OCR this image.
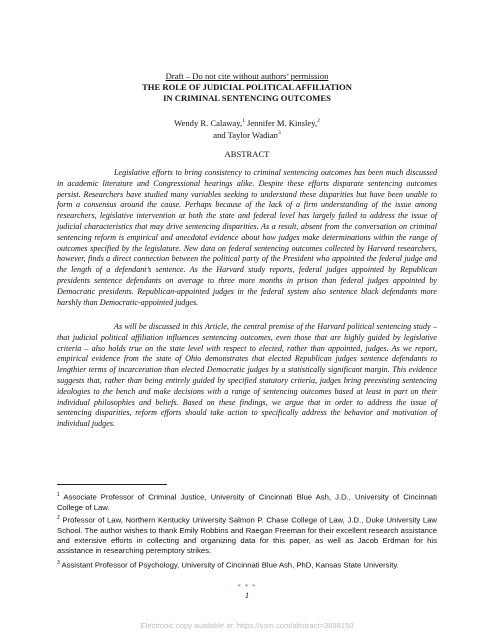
Draft – Do not cite without authors’ permission
THE ROLE OF JUDICIAL POLITICAL AFFILIATION
IN CRIMINAL SENTENCING OUTCOMES
Wendy R. Calaway,$^1$ Jennifer M. Kinsley,$^2$
and Taylor Wadian$^3$
ABSTRACT
Legislative efforts to bring consistency to criminal sentencing outcomes has been much discussed in academic literature and Congressional hearings alike. Despite these efforts disparate sentencing outcomes persist. Researchers have studied many variables seeking to understand these disparities but have been unable to form a consensus around the cause. Perhaps because of the lack of a firm understanding of the issue among researchers, legislative intervention at both the state and federal level has largely failed to address the issue of judicial characteristics that may drive sentencing disparities. As a result, absent from the conversation on criminal sentencing reform is empirical and anecdotal evidence about how judges make determinations within the range of outcomes specified by the legislature. New data on federal sentencing outcomes collected by Harvard researchers, however, finds a direct connection between the political party of the President who appointed the federal judge and the length of a defendant’s sentence. As the Harvard study reports, federal judges appointed by Republican presidents sentence defendants on average to three more months in prison than federal judges appointed by Democratic presidents. Republican-appointed judges in the federal system also sentence black defendants more harshly than Democratic-appointed judges.
As will be discussed in this Article, the central premise of the Harvard political sentencing study – that judicial political affiliation influences sentencing outcomes, even those that are highly guided by legislative criteria – also holds true on the state level with respect to elected, rather than appointed, judges. As we report, empirical evidence from the state of Ohio demonstrates that elected Republican judges sentence defendants to lengthier terms of incarceration than elected Democratic judges by a statistically significant margin. This evidence suggests that, rather than being entirely guided by specified statutory criteria, judges bring preexisting sentencing ideologies to the bench and make decisions with a range of sentencing outcomes based at least in part on their individual philosophies and beliefs. Based on these findings, we argue that in order to address the issue of sentencing disparities, reform efforts should take action to specifically address the behavior and motivation of individual judges.
$^1$ Associate Professor of Criminal Justice, University of Cincinnati Blue Ash, J.D., University of Cincinnati College of Law.
$^2$ Professor of Law, Northern Kentucky University Salmon P. Chase College of Law, J.D., Duke University Law School. The author wishes to thank Emily Robbins and Raegan Freeman for their excellent research assistance and extensive efforts in collecting and organizing data for this paper, as well as Jacob Erdman for his assistance in researching peremptory strikes.
$^3$ Assistant Professor of Psychology, University of Cincinnati Blue Ash, PhD, Kansas State University.
* * *
1
Electronic copy available at: https://ssrn.com/abstract=3698150
